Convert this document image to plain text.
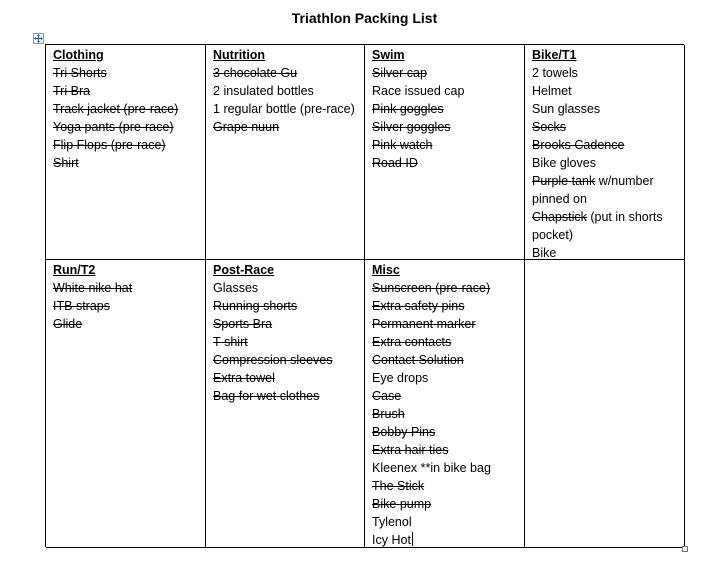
Triathlon Packing List
Clothing
Tri Shorts
Tri Bra
Track jacket (pre-race)
Yoga pants (pre-race)
Flip Flops (pre-race)
Shirt
Nutrition
3 chocolate Gu
2 insulated bottles
1 regular bottle (pre-race)
Grape nuun
Swim
Silver cap
Race issued cap
Pink goggles
Silver goggles
Pink watch
Road ID
Bike/T1
2 towels
Helmet
Sun glasses
Socks
Brooks Cadence
Bike gloves
Purple tank w/number pinned on
Chapstick (put in shorts pocket)
Bike
Run/T2
White nike hat
ITB straps
Glide
Post-Race
Glasses
Running shorts
Sports Bra
T-shirt
Compression sleeves
Extra towel
Bag for wet clothes
Misc
Sunscreen (pre-race)
Extra safety pins
Permanent marker
Extra contacts
Contact Solution
Eye drops
Case
Brush
Bobby Pins
Extra hair ties
Kleenex **in bike bag
The Stick
Bike pump
Tylenol
Icy Hot
